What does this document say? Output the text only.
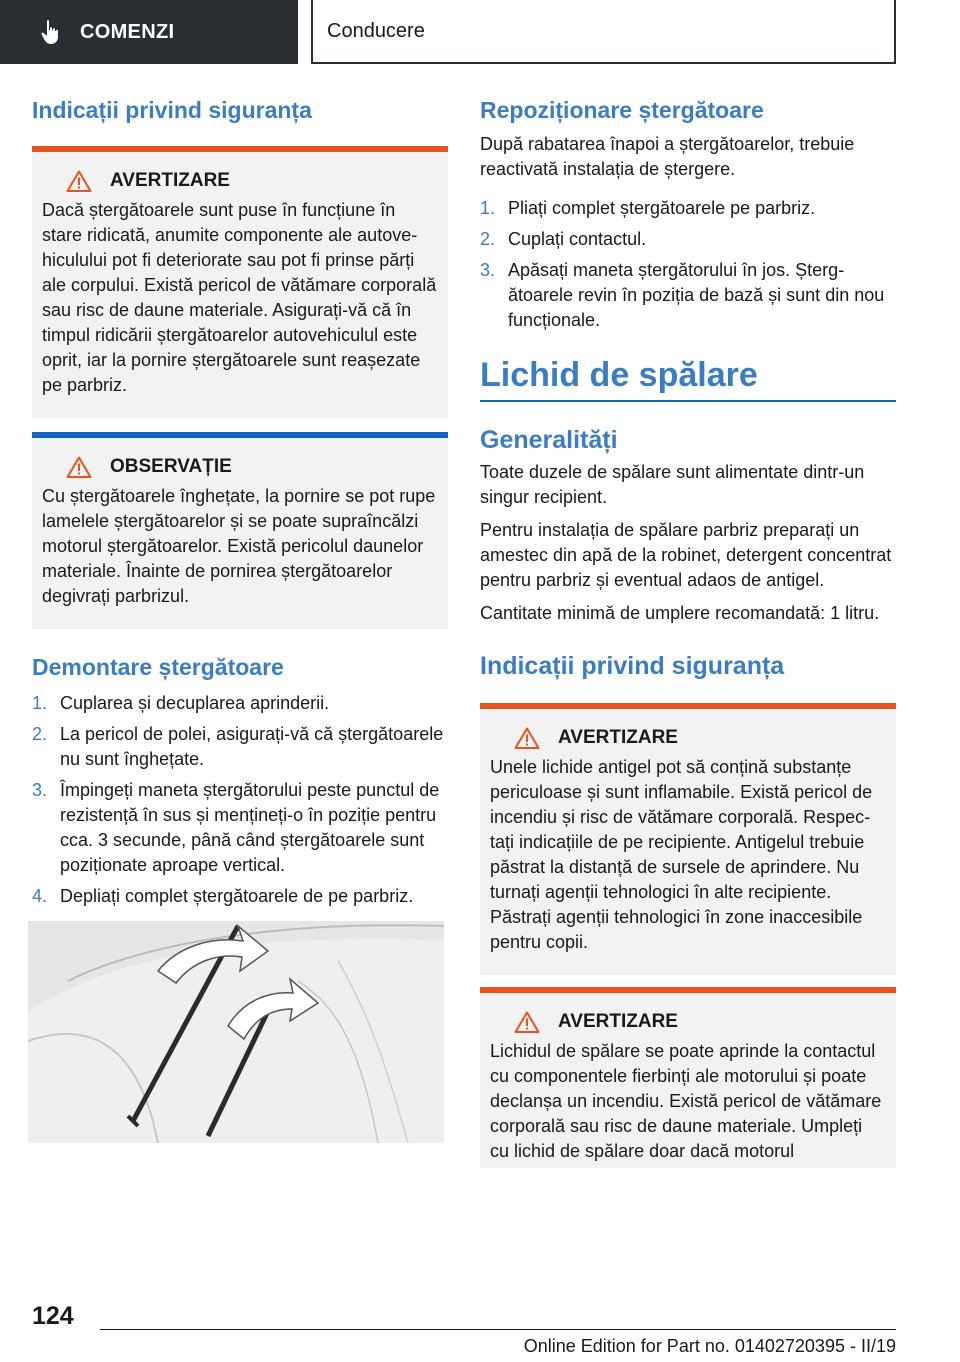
COMENZI	Conducere
Indicații privind siguranța
AVERTIZARE

Dacă ștergătoarele sunt puse în funcțiune în stare ridicată, anumite componente ale autovehiculului pot fi deteriorate sau pot fi prinse părți ale corpului. Există pericol de vătămare corporală sau risc de daune materiale. Asigurați-vă că în timpul ridicării ștergătoarelor autovehiculul este oprit, iar la pornire ștergătoarele sunt reașezate pe parbriz.

OBSERVAȚIE

Cu ștergătoarele înghețate, la pornire se pot rupe lamelele ștergătoarelor și se poate supraîncălzi motorul ștergătoarelor. Există pericolul daunelor materiale. Înainte de pornirea ștergătoarelor degivrați parbrizul.

Demontare ștergătoare
1. Cuplarea și decuplarea aprinderii.
2. La pericol de polei, asigurați-vă că ștergătoarele nu sunt înghețate.
3. Împingeți maneta ștergătorului peste punctul de rezistență în sus și mențineți-o în poziție pentru cca. 3 secunde, până când ștergătoarele sunt poziționate aproape vertical.
4. Depliați complet ștergătoarele de pe parbriz.
Repoziționare ștergătoare

După rabatarea înapoi a ștergătoarelor, trebuie reactivată instalația de ștergere.

1. Pliați complet ștergătoarele pe parbriz.
2. Cuplați contactul.
3. Apăsați maneta ștergătorului în jos. Ștergătoarele revin în poziția de bază și sunt din nou funcționale.
Lichid de spălare
Generalități

Toate duzele de spălare sunt alimentate dintr-un singur recipient.

Pentru instalația de spălare parbriz preparați un amestec din apă de la robinet, detergent concentrat pentru parbriz și eventual adaos de antigel.

Cantitate minimă de umplere recomandată: 1 litru.

Indicații privind siguranța
AVERTIZARE

Unele lichide antigel pot să conțină substanțe periculoase și sunt inflamabile. Există pericol de incendiu și risc de vătămare corporală. Respectați indicațiile de pe recipiente. Antigelul trebuie păstrat la distanță de sursele de aprindere. Nu turnați agenții tehnologici în alte recipiente. Păstrați agenții tehnologici în zone inaccesibile pentru copii.

AVERTIZARE

Lichidul de spălare se poate aprinde la contactul cu componentele fierbinți ale motorului și poate declanșa un incendiu. Există pericol de vătămare corporală sau risc de daune materiale. Umpleți cu lichid de spălare doar dacă motorul

124
Online Edition for Part no. 01402720395 - II/19
